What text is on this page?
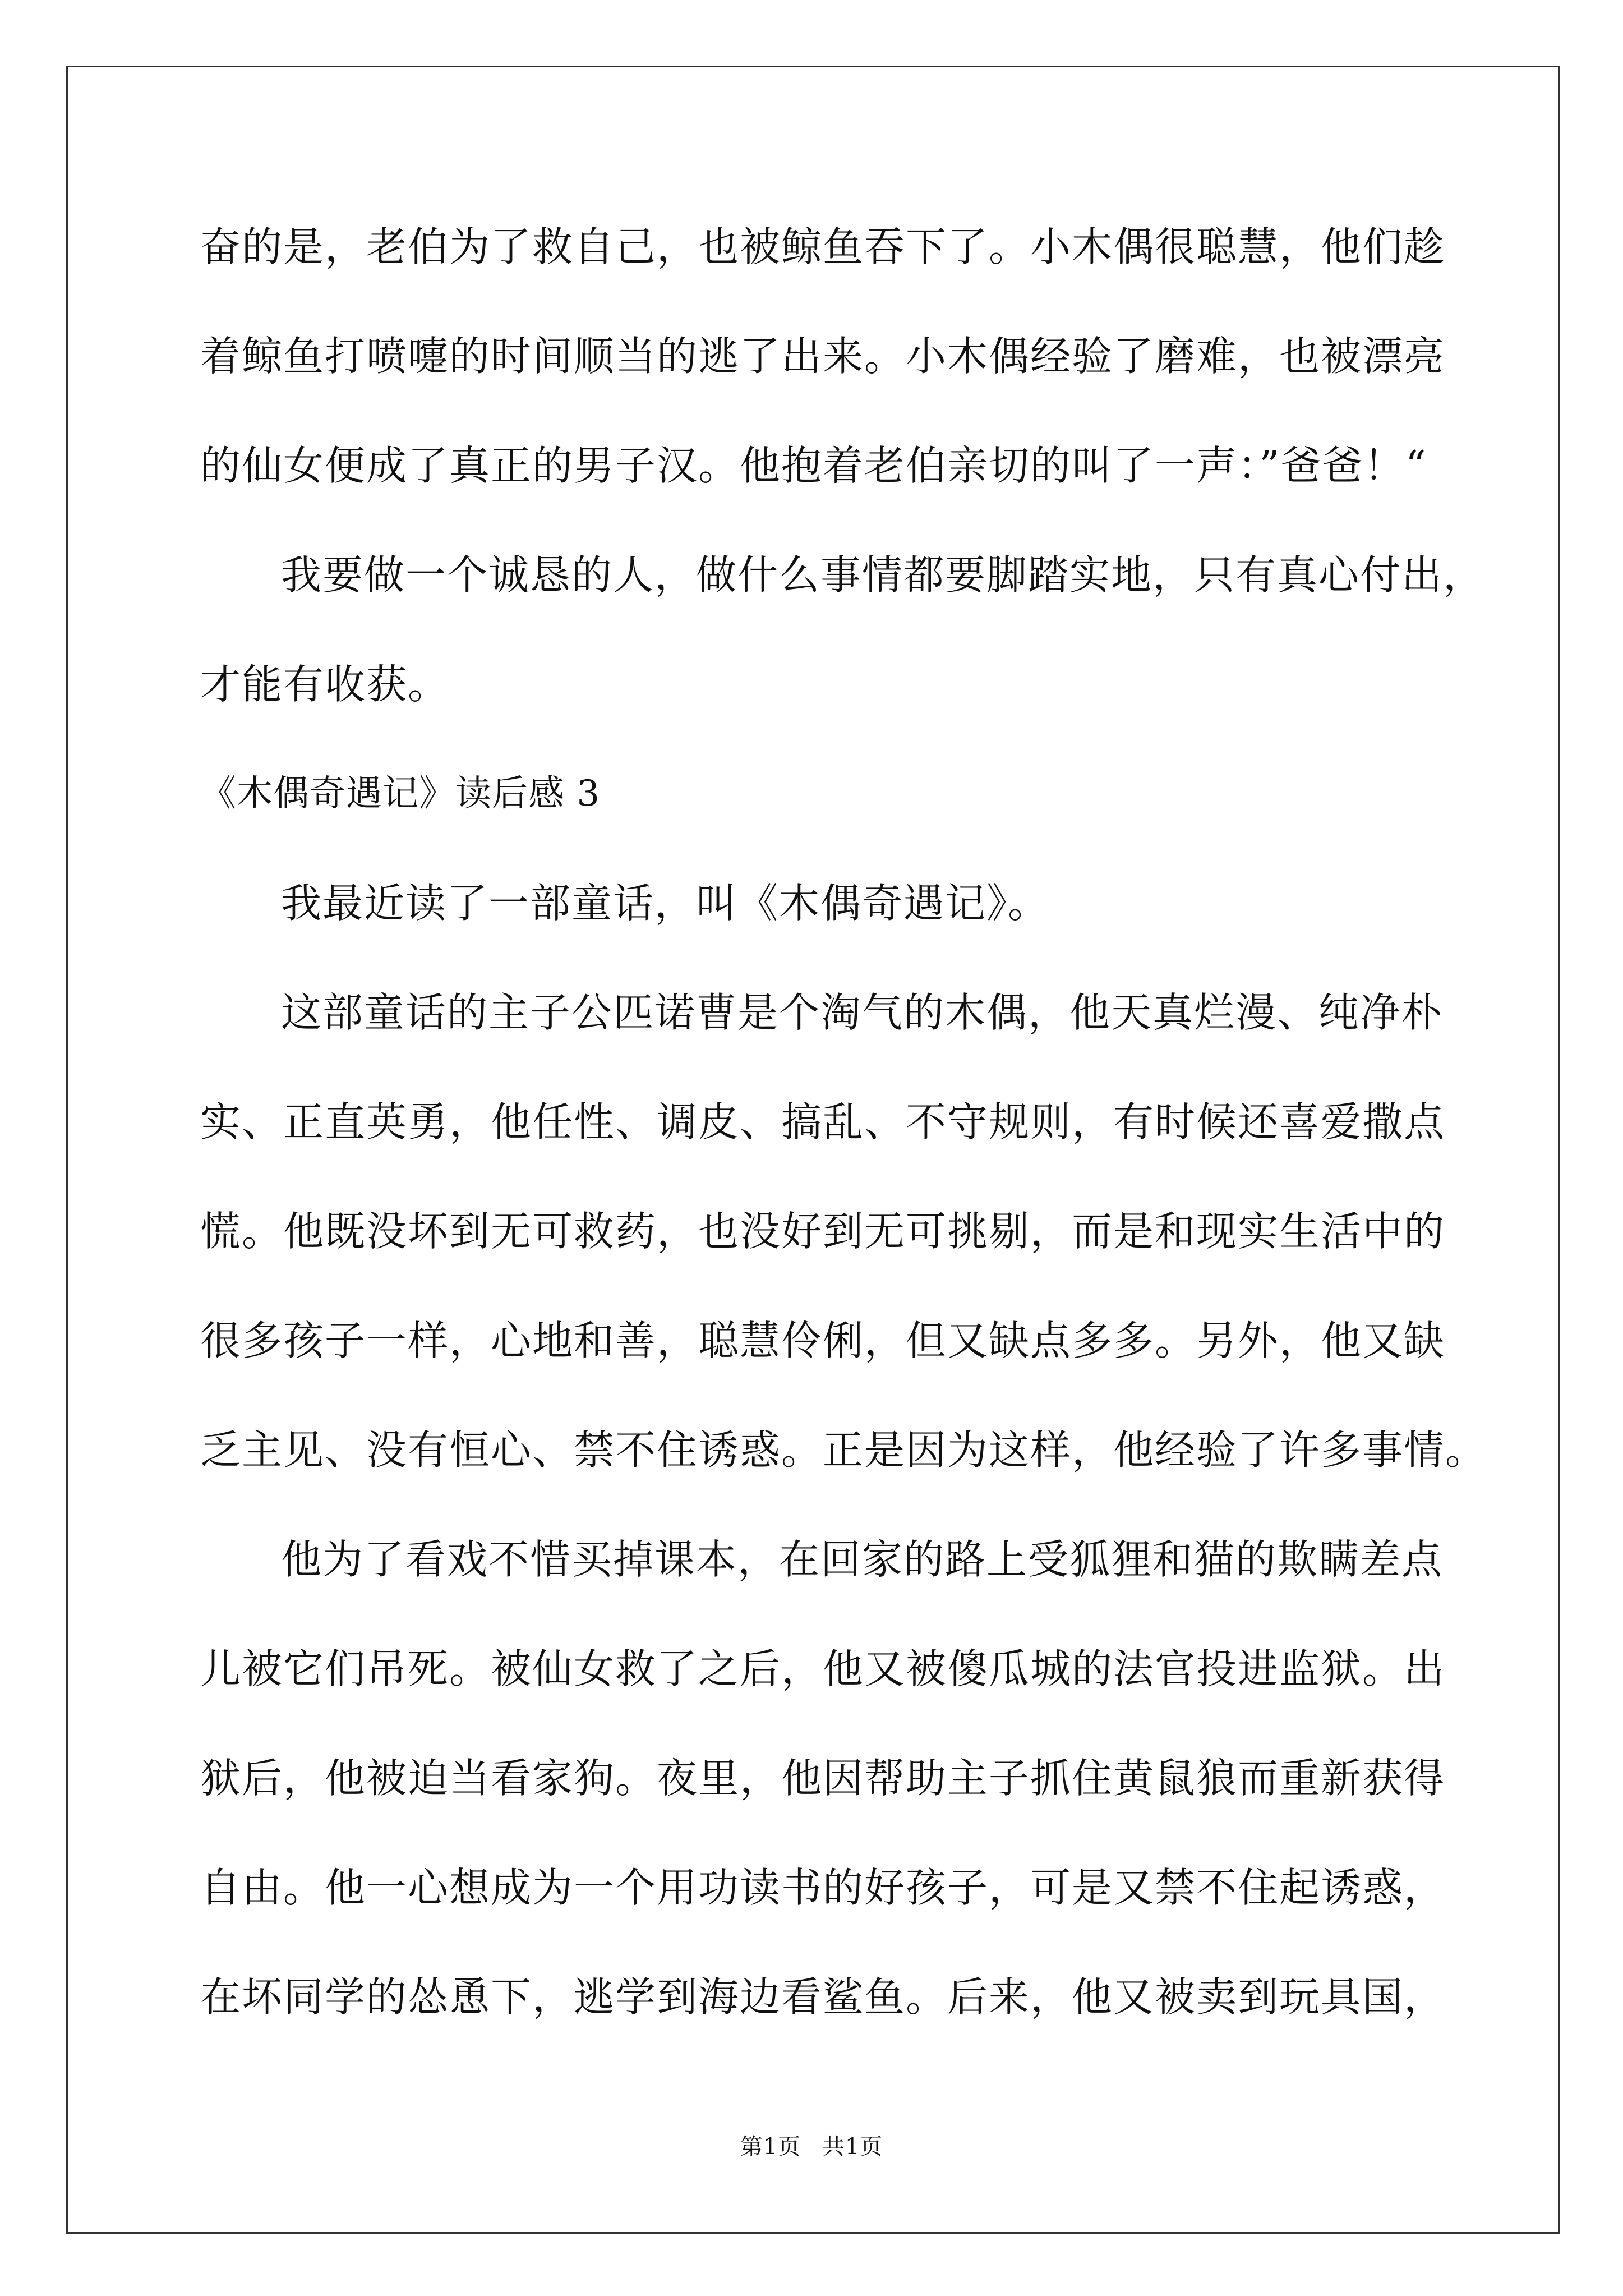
奋的是，老伯为了救自己，也被鲸鱼吞下了。小木偶很聪慧，他们趁
着鲸鱼打喷嚏的时间顺当的逃了出来。小木偶经验了磨难，也被漂亮
的仙女便成了真正的男子汉。他抱着老伯亲切的叫了一声：”爸爸！“
我要做一个诚恳的人，做什么事情都要脚踏实地，只有真心付出，
才能有收获。
《木偶奇遇记》读后感 3
我最近读了一部童话，叫《木偶奇遇记》。
这部童话的主子公匹诺曹是个淘气的木偶，他天真烂漫、纯净朴
实、正直英勇，他任性、调皮、搞乱、不守规则，有时候还喜爱撒点
慌。他既没坏到无可救药，也没好到无可挑剔，而是和现实生活中的
很多孩子一样，心地和善，聪慧伶俐，但又缺点多多。另外，他又缺
乏主见、没有恒心、禁不住诱惑。正是因为这样，他经验了许多事情。
他为了看戏不惜买掉课本，在回家的路上受狐狸和猫的欺瞒差点
儿被它们吊死。被仙女救了之后，他又被傻瓜城的法官投进监狱。出
狱后，他被迫当看家狗。夜里，他因帮助主子抓住黄鼠狼而重新获得
自由。他一心想成为一个用功读书的好孩子，可是又禁不住起诱惑，
在坏同学的怂恿下，逃学到海边看鲨鱼。后来，他又被卖到玩具国，
第1页 共1页
